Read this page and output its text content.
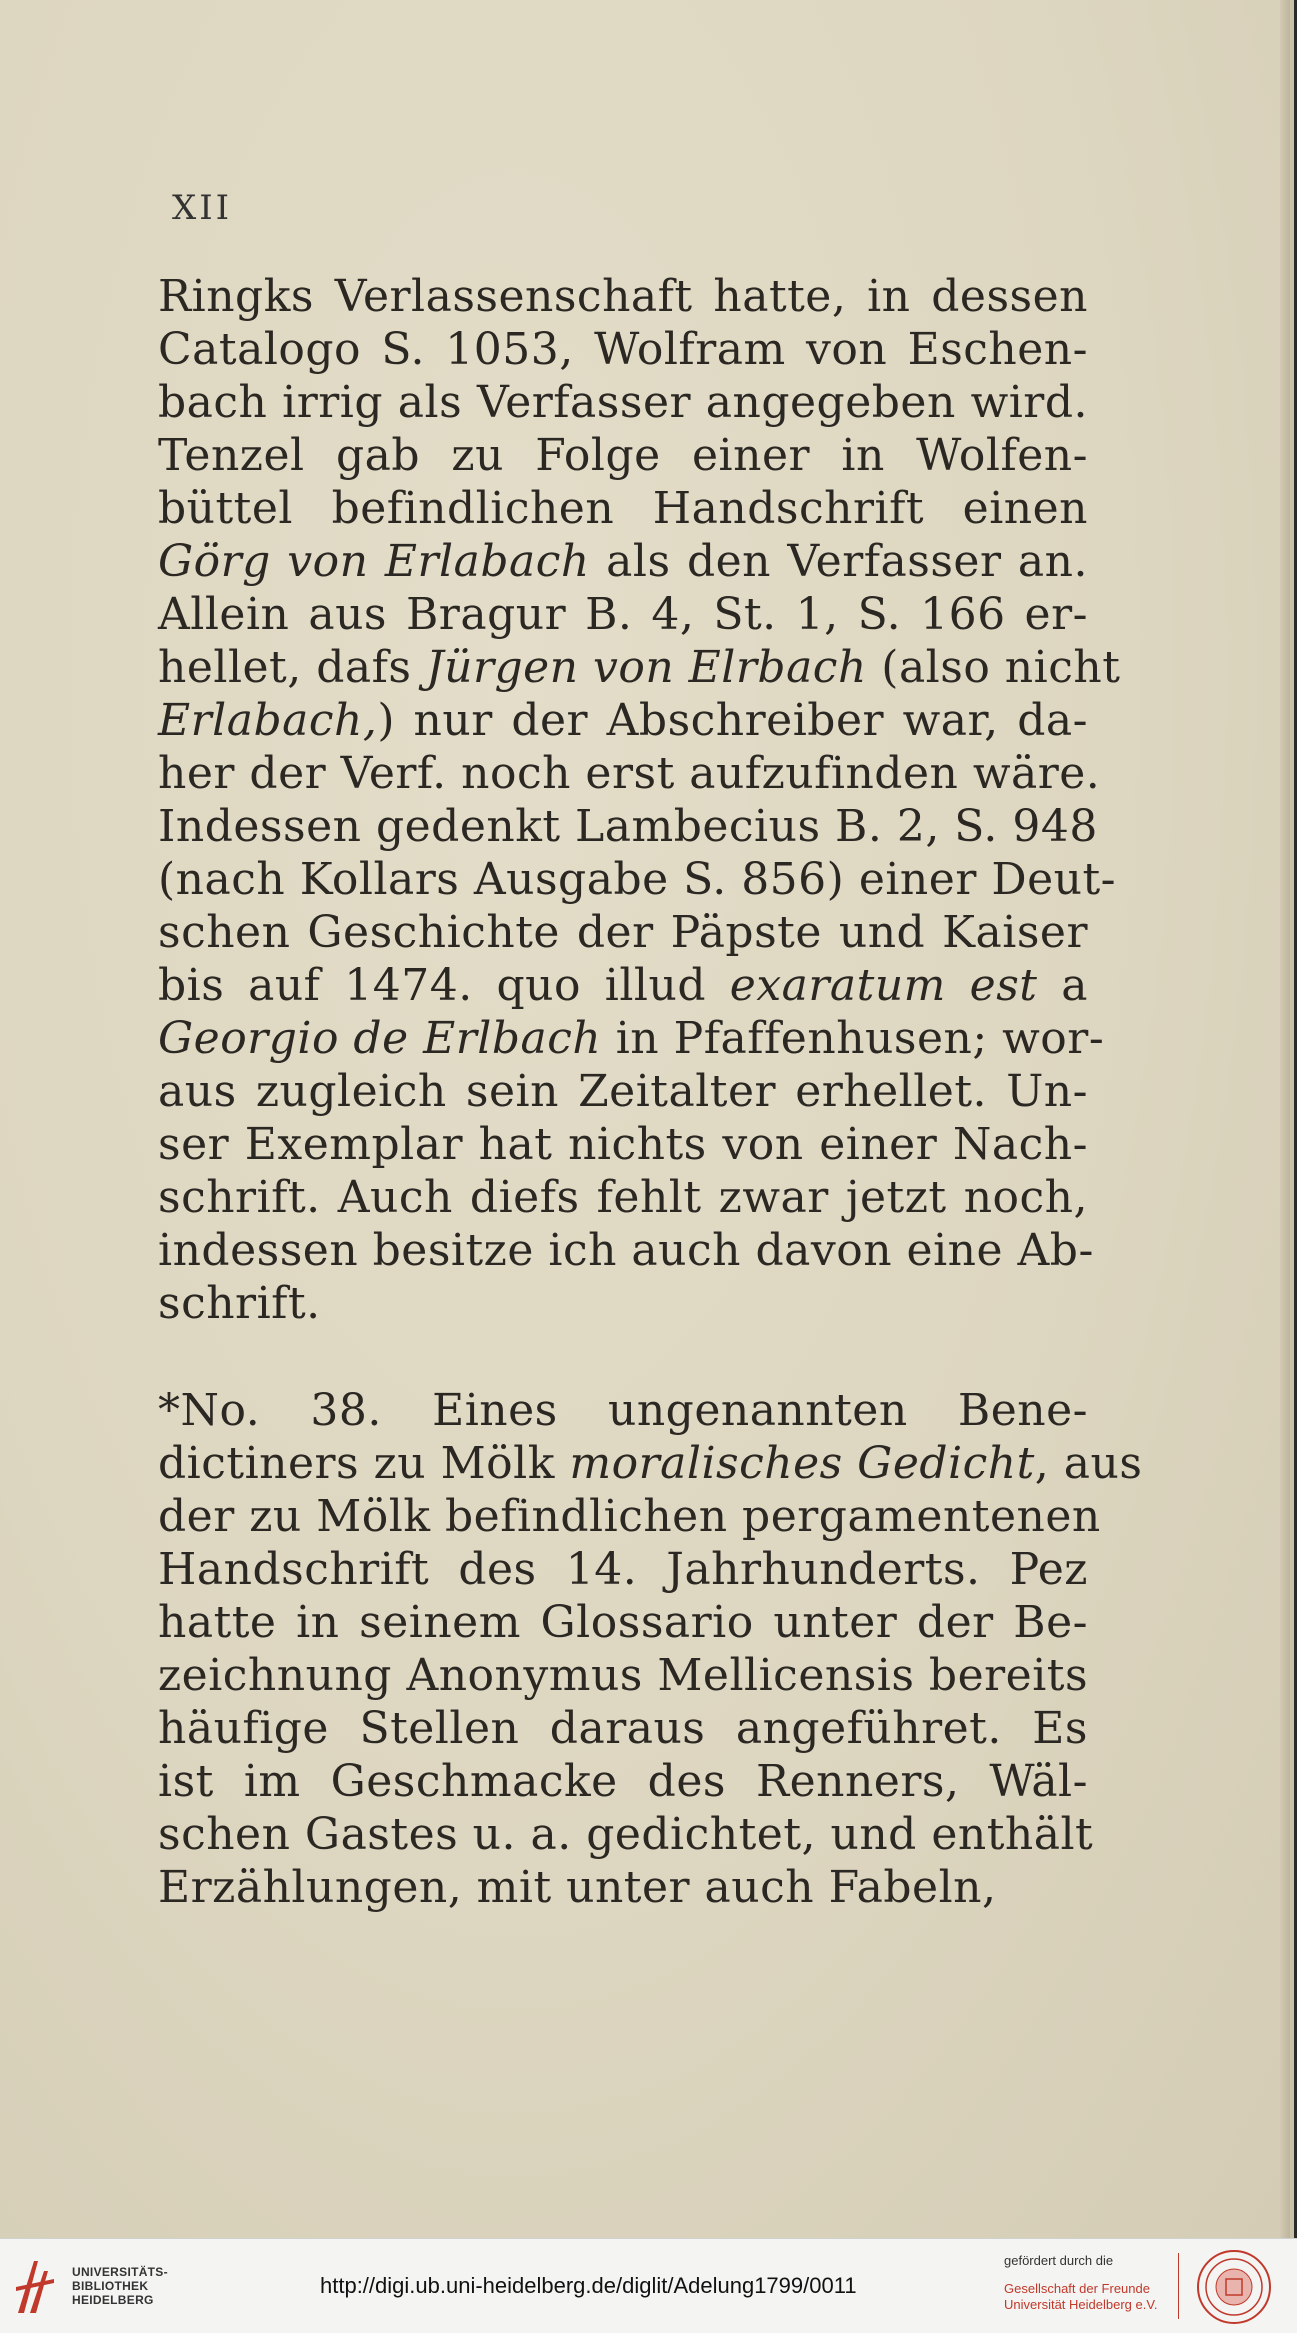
XII
Ringks Verlassenschaft hatte, in dessen
Catalogo S. 1053, Wolfram von Eschen-
bach irrig als Verfasser angegeben wird.
Tenzel gab zu Folge einer in Wolfen-
büttel befindlichen Handschrift einen
Görg von Erlabach als den Verfasser an.
Allein aus Bragur B. 4, St. 1, S. 166 er-
hellet, dafs Jürgen von Elrbach (also nicht
Erlabach,) nur der Abschreiber war, da-
her der Verf. noch erst aufzufinden wäre.
Indessen gedenkt Lambecius B. 2, S. 948
(nach Kollars Ausgabe S. 856) einer Deut-
schen Geschichte der Päpste und Kaiser
bis auf 1474. quo illud exaratum est a
Georgio de Erlbach in Pfaffenhusen; wor-
aus zugleich sein Zeitalter erhellet. Un-
ser Exemplar hat nichts von einer Nach-
schrift. Auch diefs fehlt zwar jetzt noch,
indessen besitze ich auch davon eine Ab-
schrift.
*No. 38. Eines ungenannten Bene-
dictiners zu Mölk moralisches Gedicht, aus
der zu Mölk befindlichen pergamentenen
Handschrift des 14. Jahrhunderts. Pez
hatte in seinem Glossario unter der Be-
zeichnung Anonymus Mellicensis bereits
häufige Stellen daraus angeführet. Es
ist im Geschmacke des Renners, Wäl-
schen Gastes u. a. gedichtet, und enthält
Erzählungen, mit unter auch Fabeln,
UNIVERSITÄTS-
BIBLIOTHEK
HEIDELBERG
http://digi.ub.uni-heidelberg.de/diglit/Adelung1799/0011
gefördert durch die
Gesellschaft der Freunde
Universität Heidelberg e.V.
